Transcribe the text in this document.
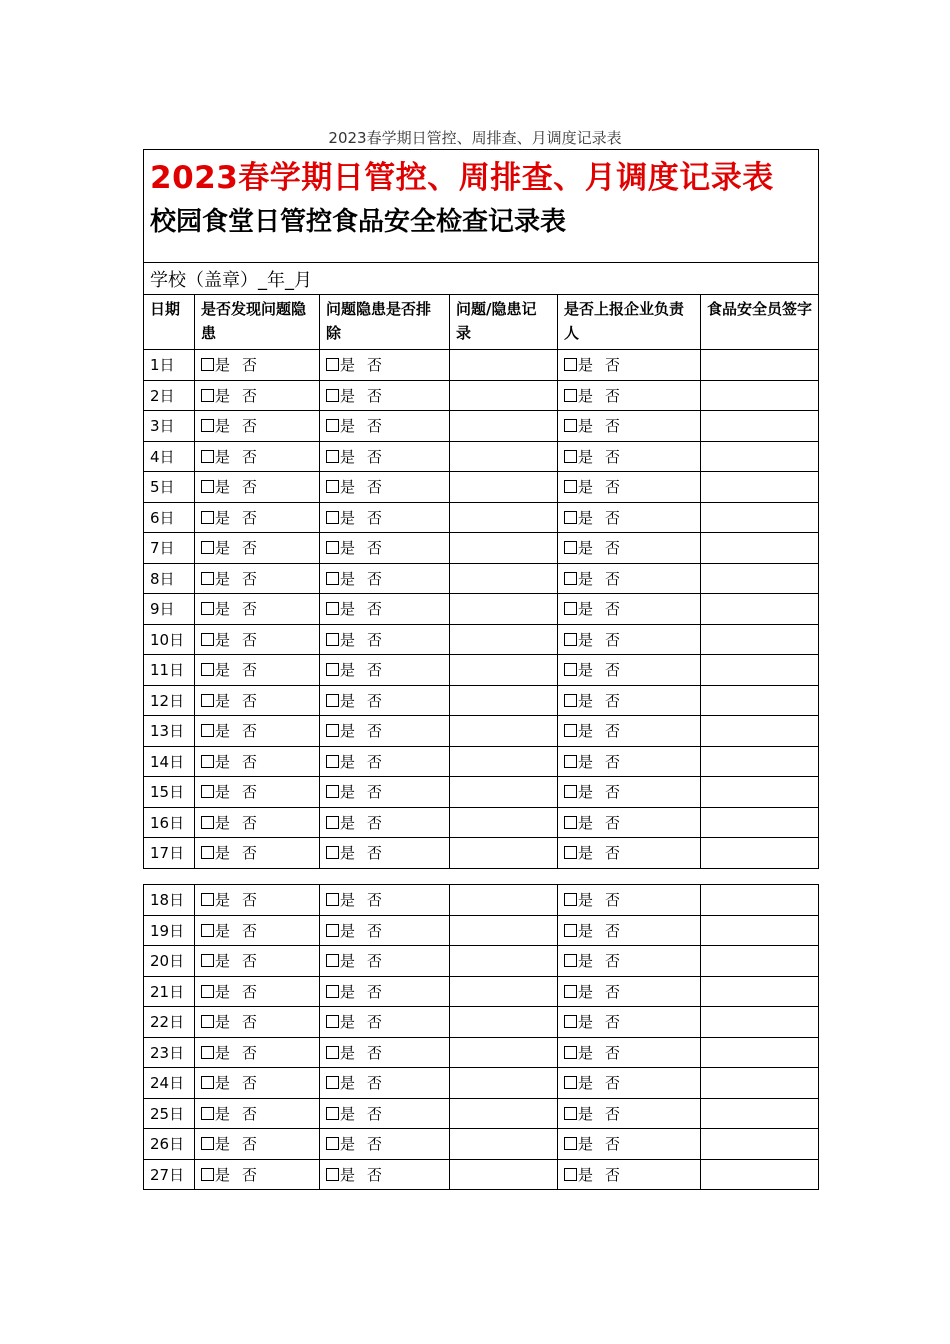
2023春学期日管控、周排查、月调度记录表
2023春学期日管控、周排查、月调度记录表
校园食堂日管控食品安全检查记录表					

学校（盖章）_年_月					
日期	是否发现问题隐患	问题隐患是否排除	问题/隐患记录	是否上报企业负责人	食品安全员签字
1日	是 否	是 否		是 否	
2日	是 否	是 否		是 否	
3日	是 否	是 否		是 否	
4日	是 否	是 否		是 否	
5日	是 否	是 否		是 否	
6日	是 否	是 否		是 否	
7日	是 否	是 否		是 否	
8日	是 否	是 否		是 否	
9日	是 否	是 否		是 否	
10日	是 否	是 否		是 否	
11日	是 否	是 否		是 否	
12日	是 否	是 否		是 否	
13日	是 否	是 否		是 否	
14日	是 否	是 否		是 否	
15日	是 否	是 否		是 否	
16日	是 否	是 否		是 否	
17日	是 否	是 否		是 否	
18日	是 否	是 否		是 否	
19日	是 否	是 否		是 否	
20日	是 否	是 否		是 否	
21日	是 否	是 否		是 否	
22日	是 否	是 否		是 否	
23日	是 否	是 否		是 否	
24日	是 否	是 否		是 否	
25日	是 否	是 否		是 否	
26日	是 否	是 否		是 否	
27日	是 否	是 否		是 否	
